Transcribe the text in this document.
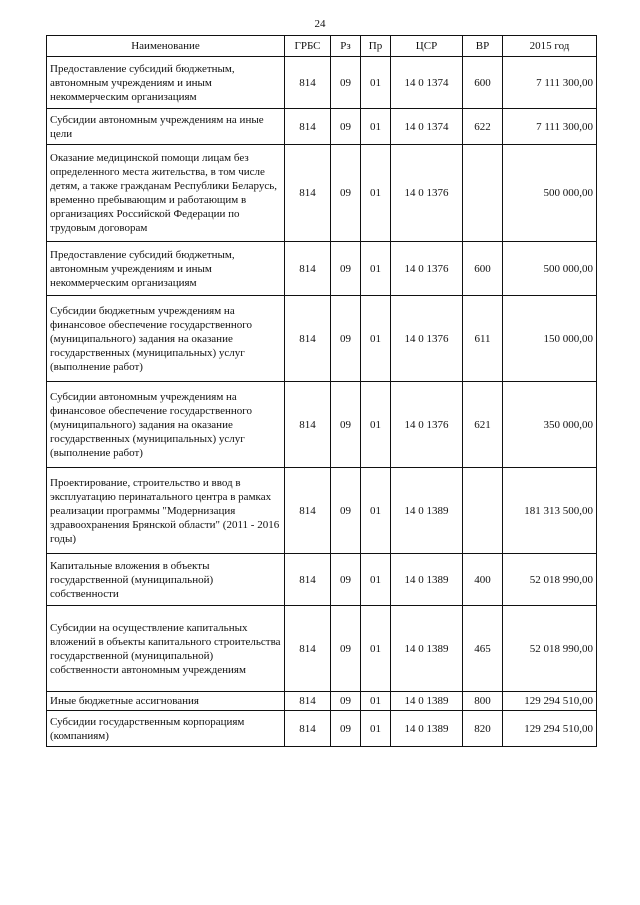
24
Наименование	ГРБС	Рз	Пр	ЦСР	ВР	2015 год
Предоставление субсидий бюджетным, автономным учреждениям и иным некоммерческим организациям	814	09	01	14 0 1374	600	7 111 300,00
Субсидии автономным учреждениям на иные цели	814	09	01	14 0 1374	622	7 111 300,00
Оказание медицинской помощи лицам без определенного места жительства, в том числе детям, а также гражданам Республики Беларусь, временно пребывающим и работающим в организациях Российской Федерации по трудовым договорам	814	09	01	14 0 1376		500 000,00
Предоставление субсидий бюджетным, автономным учреждениям и иным некоммерческим организациям	814	09	01	14 0 1376	600	500 000,00
Субсидии бюджетным учреждениям на финансовое обеспечение государственного (муниципального) задания на оказание государственных (муниципальных) услуг (выполнение работ)	814	09	01	14 0 1376	611	150 000,00
Субсидии автономным учреждениям на финансовое обеспечение государственного (муниципального) задания на оказание государственных (муниципальных) услуг (выполнение работ)	814	09	01	14 0 1376	621	350 000,00
Проектирование, строительство и ввод в эксплуатацию перинатального центра в рамках реализации программы "Модернизация здравоохранения Брянской области" (2011 - 2016 годы)	814	09	01	14 0 1389		181 313 500,00
Капитальные вложения в объекты государственной (муниципальной) собственности	814	09	01	14 0 1389	400	52 018 990,00
Субсидии на осуществление капитальных вложений в объекты капитального строительства государственной (муниципальной) собственности автономным учреждениям	814	09	01	14 0 1389	465	52 018 990,00
Иные бюджетные ассигнования	814	09	01	14 0 1389	800	129 294 510,00
Субсидии государственным корпорациям (компаниям)	814	09	01	14 0 1389	820	129 294 510,00
